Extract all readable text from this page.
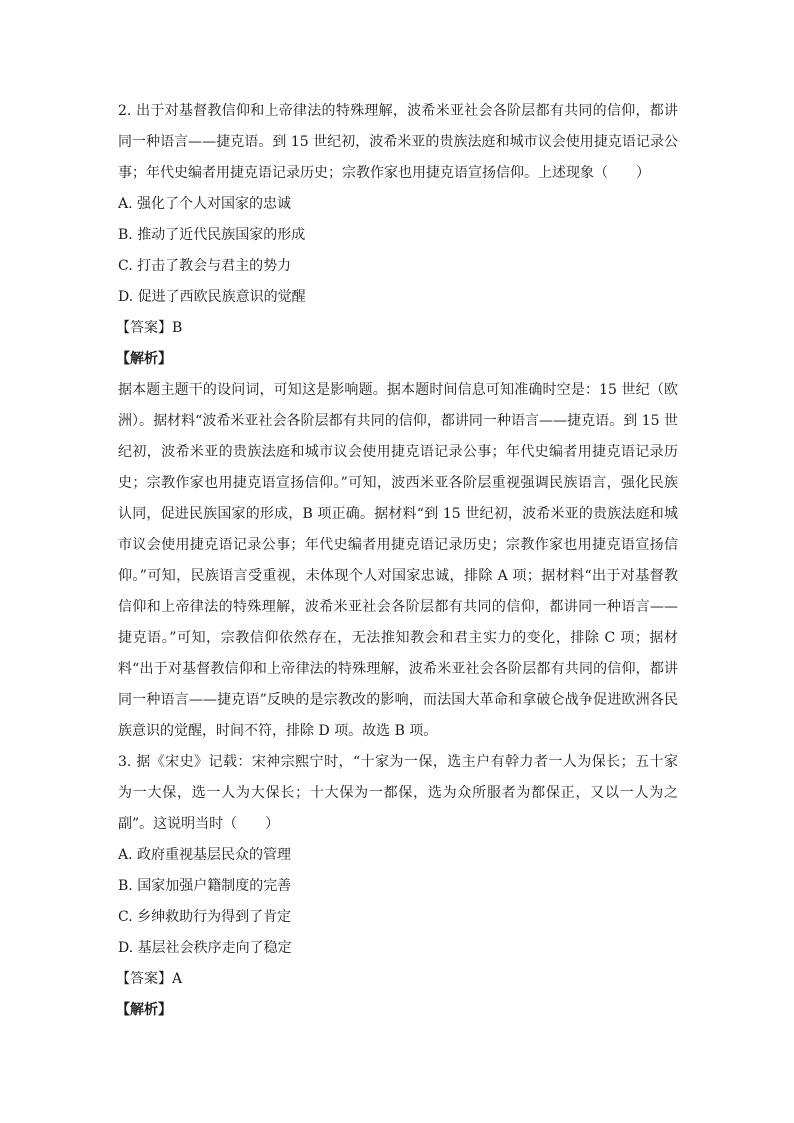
2. 出于对基督教信仰和上帝律法的特殊理解，波希米亚社会各阶层都有共同的信仰，都讲
同一种语言——捷克语。到 15 世纪初，波希米亚的贵族法庭和城市议会使用捷克语记录公
事；年代史编者用捷克语记录历史；宗教作家也用捷克语宣扬信仰。上述现象（　　）
A. 强化了个人对国家的忠诚
B. 推动了近代民族国家的形成
C. 打击了教会与君主的势力
D. 促进了西欧民族意识的觉醒
【答案】B
【解析】
据本题主题干的设问词，可知这是影响题。据本题时间信息可知准确时空是：15 世纪（欧
洲）。据材料“波希米亚社会各阶层都有共同的信仰，都讲同一种语言——捷克语。到 15 世
纪初，波希米亚的贵族法庭和城市议会使用捷克语记录公事；年代史编者用捷克语记录历
史；宗教作家也用捷克语宣扬信仰。”可知，波西米亚各阶层重视强调民族语言，强化民族
认同，促进民族国家的形成，B 项正确。据材料“到 15 世纪初，波希米亚的贵族法庭和城
市议会使用捷克语记录公事；年代史编者用捷克语记录历史；宗教作家也用捷克语宣扬信
仰。”可知，民族语言受重视，未体现个人对国家忠诚，排除 A 项；据材料“出于对基督教
信仰和上帝律法的特殊理解，波希米亚社会各阶层都有共同的信仰，都讲同一种语言——
捷克语。”可知，宗教信仰依然存在，无法推知教会和君主实力的变化，排除 C 项；据材
料“出于对基督教信仰和上帝律法的特殊理解，波希米亚社会各阶层都有共同的信仰，都讲
同一种语言——捷克语”反映的是宗教改的影响，而法国大革命和拿破仑战争促进欧洲各民
族意识的觉醒，时间不符，排除 D 项。故选 B 项。
3. 据《宋史》记载：宋神宗熙宁时，“十家为一保，选主户有幹力者一人为保长；五十家
为一大保，选一人为大保长；十大保为一都保，选为众所服者为都保正，又以一人为之
副”。这说明当时（　　）
A. 政府重视基层民众的管理
B. 国家加强户籍制度的完善
C. 乡绅救助行为得到了肯定
D. 基层社会秩序走向了稳定
【答案】A
【解析】
